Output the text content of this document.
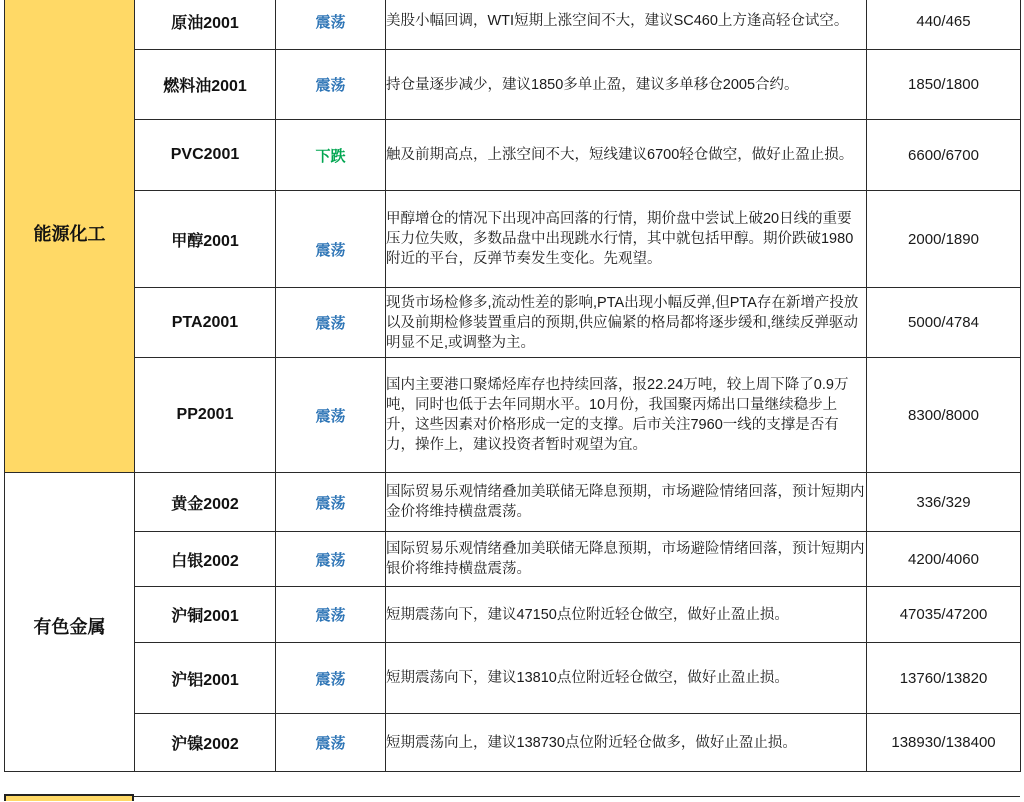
能源化工	原油2001	震荡	美股小幅回调，WTI短期上涨空间不大，建议SC460上方逢高轻仓试空。	440/465
	燃料油2001	震荡	持仓量逐步减少，建议1850多单止盈，建议多单移仓2005合约。	1850/1800
	PVC2001	下跌	触及前期高点，上涨空间不大，短线建议6700轻仓做空，做好止盈止损。	6600/6700
	甲醇2001	震荡	甲醇增仓的情况下出现冲高回落的行情，期价盘中尝试上破20日线的重要压力位失败，多数品盘中出现跳水行情，其中就包括甲醇。期价跌破1980附近的平台，反弹节奏发生变化。先观望。	2000/1890
	PTA2001	震荡	现货市场检修多,流动性差的影响,PTA出现小幅反弹,但PTA存在新增产投放以及前期检修装置重启的预期,供应偏紧的格局都将逐步缓和,继续反弹驱动明显不足,或调整为主。	5000/4784
	PP2001	震荡	国内主要港口聚烯烃库存也持续回落，报22.24万吨，较上周下降了0.9万吨，同时也低于去年同期水平。10月份，我国聚丙烯出口量继续稳步上升，这些因素对价格形成一定的支撑。后市关注7960一线的支撑是否有力，操作上，建议投资者暂时观望为宜。	8300/8000
有色金属	黄金2002	震荡	国际贸易乐观情绪叠加美联储无降息预期，市场避险情绪回落，预计短期内金价将维持横盘震荡。	336/329
	白银2002	震荡	国际贸易乐观情绪叠加美联储无降息预期，市场避险情绪回落，预计短期内银价将维持横盘震荡。	4200/4060
	沪铜2001	震荡	短期震荡向下，建议47150点位附近轻仓做空，做好止盈止损。	47035/47200
	沪铝2001	震荡	短期震荡向下，建议13810点位附近轻仓做空，做好止盈止损。	13760/13820
	沪镍2002	震荡	短期震荡向上，建议138730点位附近轻仓做多，做好止盈止损。	138930/138400
